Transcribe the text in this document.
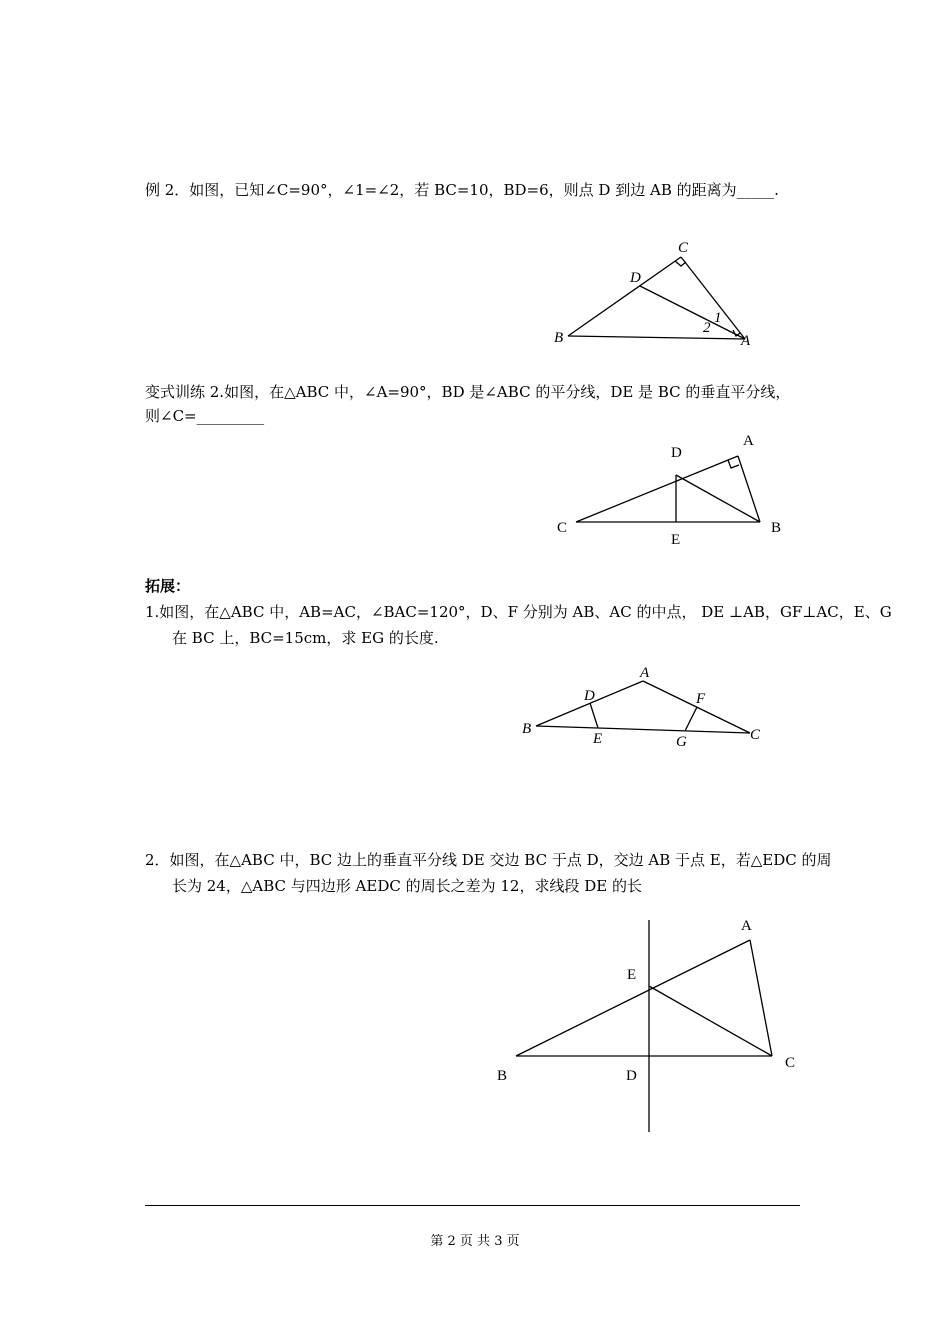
例 2．如图，已知∠C=90°，∠1=∠2，若 BC=10，BD=6，则点 D 到边 AB 的距离为_____.
C
D
B	A
1
2
D
A
C	B
E
A
D	F
B
E	G	C
A
E
B	D
C
变式训练 2.如图，在△ABC 中，∠A=90°，BD 是∠ABC 的平分线，DE 是 BC 的垂直平分线，
则∠C=_________
拓展：
1.如图，在△ABC 中，AB=AC，∠BAC=120°，D、F 分别为 AB、AC 的中点， DE ⊥AB，GF⊥AC，E、G
在 BC 上，BC=15cm，求 EG 的长度.
2．如图，在△ABC 中，BC 边上的垂直平分线 DE 交边 BC 于点 D，交边 AB 于点 E，若△EDC 的周
长为 24，△ABC 与四边形 AEDC 的周长之差为 12，求线段 DE 的长
第 2 页 共 3 页
